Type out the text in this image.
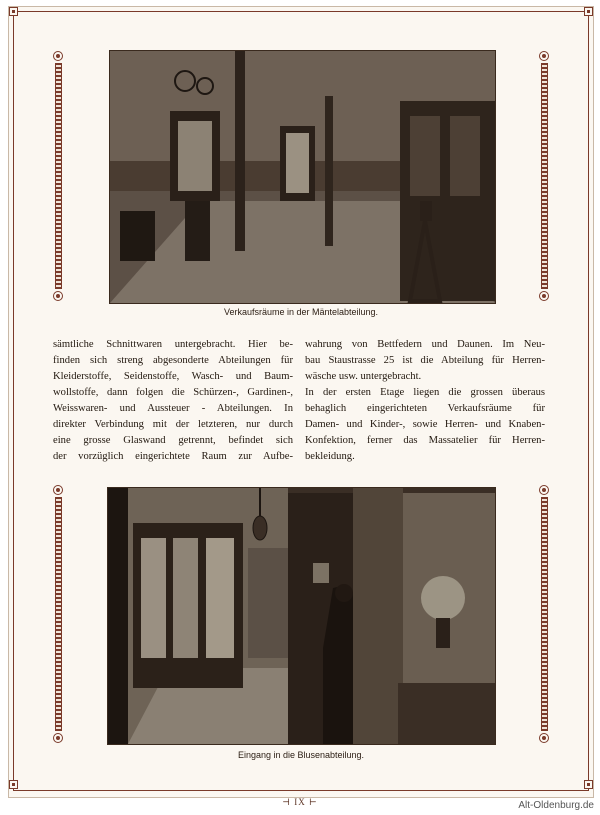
Verkaufsräume in der Mäntelabteilung.
sämtliche Schnittwaren untergebracht. Hier be-
finden sich streng abgesonderte Abteilungen für
Kleiderstoffe, Seidenstoffe, Wasch- und Baum-
wollstoffe, dann folgen die Schürzen-, Gardinen-,
Weisswaren- und Aussteuer - Abteilungen. In
direkter Verbindung mit der letzteren, nur durch
eine grosse Glaswand getrennt, befindet sich
der vorzüglich eingerichtete Raum zur Aufbe-
wahrung von Bettfedern und Daunen. Im Neu-
bau Staustrasse 25 ist die Abteilung für Herren-
wäsche usw. untergebracht.
In der ersten Etage liegen die grossen überaus
behaglich eingerichteten Verkaufsräume für
Damen- und Kinder-, sowie Herren- und Knaben-
Konfektion, ferner das Massatelier für Herren-
bekleidung.
Eingang in die Blusenabteilung.
⊣ IX ⊢	Alt-Oldenburg.de
